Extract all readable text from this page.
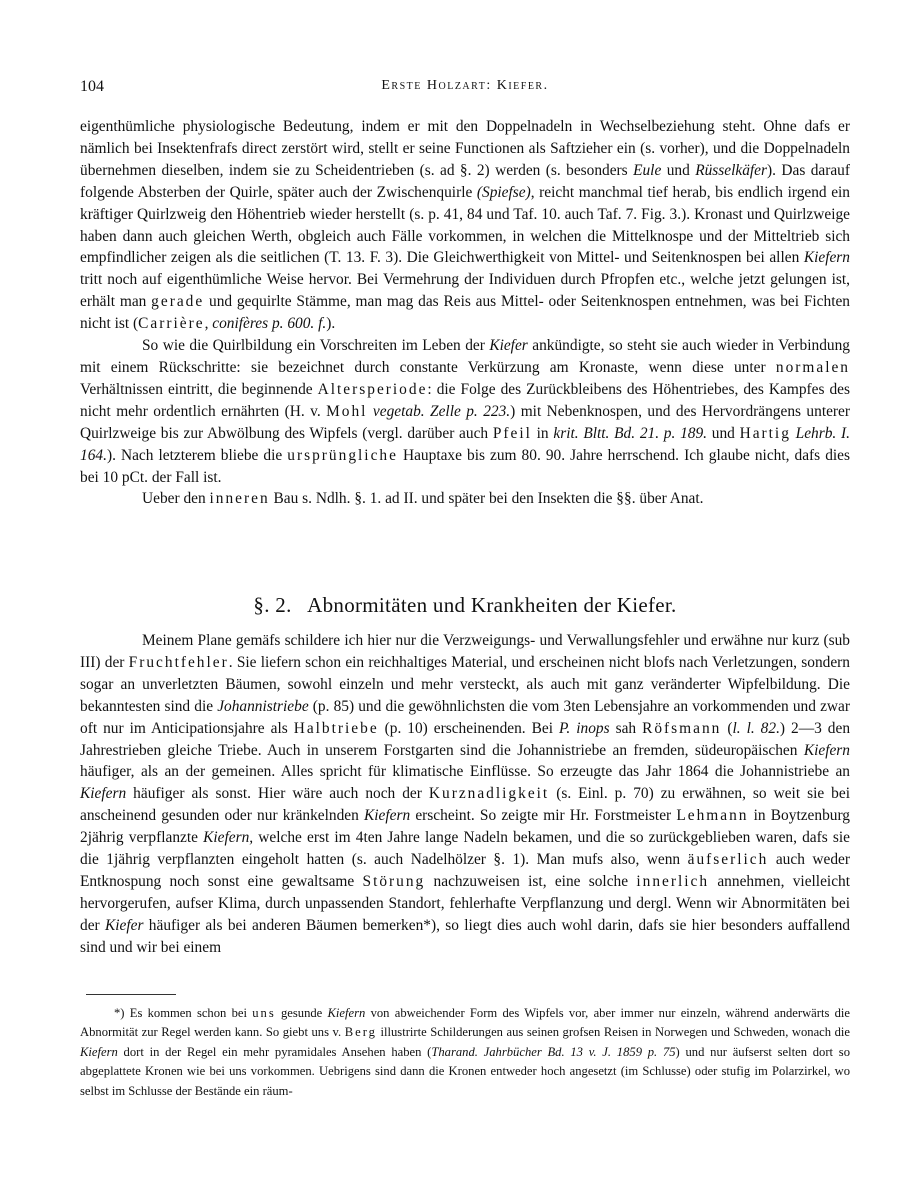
104	Erste Holzart: Kiefer.

eigenthümliche physiologische Bedeutung, indem er mit den Doppelnadeln in Wechselbeziehung steht. Ohne dafs er nämlich bei Insektenfrafs direct zerstört wird, stellt er seine Functionen als Saftzieher ein (s. vorher), und die Doppelnadeln übernehmen dieselben, indem sie zu Scheidentrieben (s. ad §. 2) werden (s. besonders Eule und Rüsselkäfer). Das darauf folgende Absterben der Quirle, später auch der Zwischenquirle (Spiefse), reicht manchmal tief herab, bis endlich irgend ein kräftiger Quirlzweig den Höhentrieb wieder herstellt (s. p. 41, 84 und Taf. 10. auch Taf. 7. Fig. 3.). Kronast und Quirlzweige haben dann auch gleichen Werth, obgleich auch Fälle vorkommen, in welchen die Mittelknospe und der Mitteltrieb sich empfindlicher zeigen als die seitlichen (T. 13. F. 3). Die Gleichwerthigkeit von Mittel- und Seitenknospen bei allen Kiefern tritt noch auf eigenthümliche Weise hervor. Bei Vermehrung der Individuen durch Pfropfen etc., welche jetzt gelungen ist, erhält man gerade und gequirlte Stämme, man mag das Reis aus Mittel- oder Seitenknospen entnehmen, was bei Fichten nicht ist (Carrière, conifères p. 600. f.).

So wie die Quirlbildung ein Vorschreiten im Leben der Kiefer ankündigte, so steht sie auch wieder in Verbindung mit einem Rückschritte: sie bezeichnet durch constante Verkürzung am Kronaste, wenn diese unter normalen Verhältnissen eintritt, die beginnende Altersperiode: die Folge des Zurückbleibens des Höhentriebes, des Kampfes des nicht mehr ordentlich ernährten (H. v. Mohl vegetab. Zelle p. 223.) mit Nebenknospen, und des Hervordrängens unterer Quirlzweige bis zur Abwölbung des Wipfels (vergl. darüber auch Pfeil in krit. Bltt. Bd. 21. p. 189. und Hartig Lehrb. I. 164.). Nach letzterem bliebe die ursprüngliche Hauptaxe bis zum 80. 90. Jahre herrschend. Ich glaube nicht, dafs dies bei 10 pCt. der Fall ist.

Ueber den inneren Bau s. Ndlh. §. 1. ad II. und später bei den Insekten die §§. über Anat.

§. 2.   Abnormitäten und Krankheiten der Kiefer.

Meinem Plane gemäfs schildere ich hier nur die Verzweigungs- und Verwallungsfehler und erwähne nur kurz (sub III) der Fruchtfehler. Sie liefern schon ein reichhaltiges Material, und erscheinen nicht blofs nach Verletzungen, sondern sogar an unverletzten Bäumen, sowohl einzeln und mehr versteckt, als auch mit ganz veränderter Wipfelbildung. Die bekanntesten sind die Johannistriebe (p. 85) und die gewöhnlichsten die vom 3ten Lebensjahre an vorkommenden und zwar oft nur im Anticipationsjahre als Halbtriebe (p. 10) erscheinenden. Bei P. inops sah Röfsmann (l. l. 82.) 2—3 den Jahrestrieben gleiche Triebe. Auch in unserem Forstgarten sind die Johannistriebe an fremden, südeuropäischen Kiefern häufiger, als an der gemeinen. Alles spricht für klimatische Einflüsse. So erzeugte das Jahr 1864 die Johannistriebe an Kiefern häufiger als sonst. Hier wäre auch noch der Kurznadligkeit (s. Einl. p. 70) zu erwähnen, so weit sie bei anscheinend gesunden oder nur kränkelnden Kiefern erscheint. So zeigte mir Hr. Forstmeister Lehmann in Boytzenburg 2jährig verpflanzte Kiefern, welche erst im 4ten Jahre lange Nadeln bekamen, und die so zurückgeblieben waren, dafs sie die 1jährig verpflanzten eingeholt hatten (s. auch Nadelhölzer §. 1). Man mufs also, wenn äufserlich auch weder Entknospung noch sonst eine gewaltsame Störung nachzuweisen ist, eine solche innerlich annehmen, vielleicht hervorgerufen, aufser Klima, durch unpassenden Standort, fehlerhafte Verpflanzung und dergl. Wenn wir Abnormitäten bei der Kiefer häufiger als bei anderen Bäumen bemerken*), so liegt dies auch wohl darin, dafs sie hier besonders auffallend sind und wir bei einem

*) Es kommen schon bei uns gesunde Kiefern von abweichender Form des Wipfels vor, aber immer nur einzeln, während anderwärts die Abnormität zur Regel werden kann. So giebt uns v. Berg illustrirte Schilderungen aus seinen grofsen Reisen in Norwegen und Schweden, wonach die Kiefern dort in der Regel ein mehr pyramidales Ansehen haben (Tharand. Jahrbücher Bd. 13 v. J. 1859 p. 75) und nur äufserst selten dort so abgeplattete Kronen wie bei uns vorkommen. Uebrigens sind dann die Kronen entweder hoch angesetzt (im Schlusse) oder stufig im Polarzirkel, wo selbst im Schlusse der Bestände ein räum-
